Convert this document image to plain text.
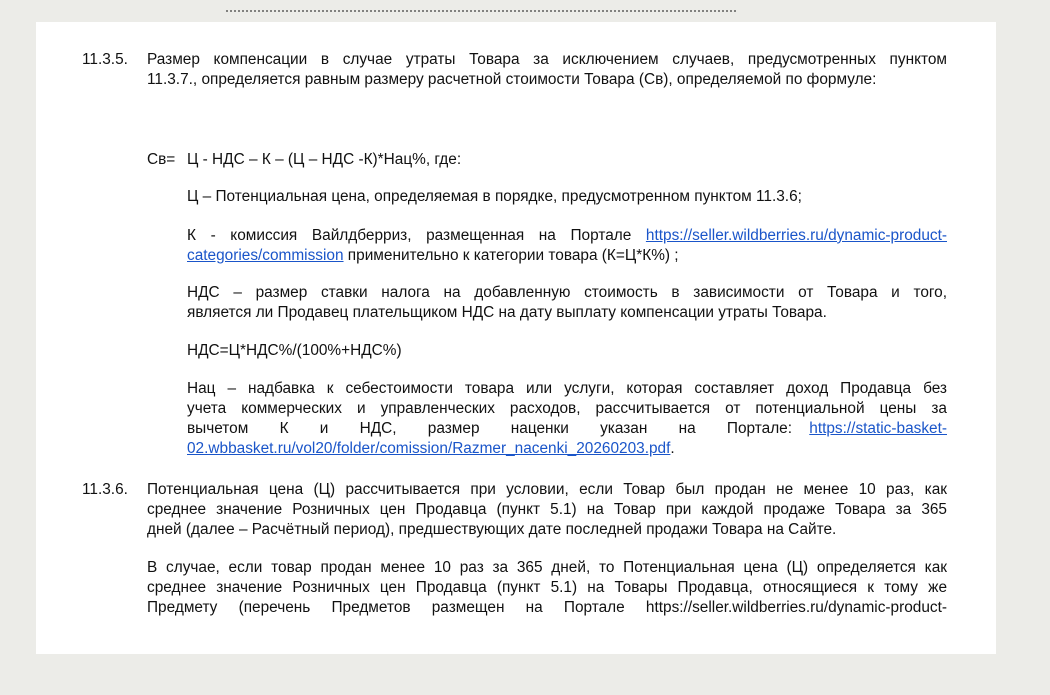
11.3.5. Размер компенсации в случае утраты Товара за исключением случаев, предусмотренных пунктом
11.3.7., определяется равным размеру расчетной стоимости Товара (Св), определяемой по формуле:
Св= Ц - НДС – К – (Ц – НДС -К)*Нац%, где:
Ц – Потенциальная цена, определяемая в порядке, предусмотренном пунктом 11.3.6;
К - комиссия Вайлдберриз, размещенная на Портале https://seller.wildberries.ru/dynamic-product-
categories/commission применительно к категории товара (К=Ц*К%) ;
НДС – размер ставки налога на добавленную стоимость в зависимости от Товара и того,
является ли Продавец плательщиком НДС на дату выплату компенсации утраты Товара.
НДС=Ц*НДС%/(100%+НДС%)
Нац – надбавка к себестоимости товара или услуги, которая составляет доход Продавца без
учета коммерческих и управленческих расходов, рассчитывается от потенциальной цены за
вычетом К и НДС, размер наценки указан на Портале: https://static-basket-
02.wbbasket.ru/vol20/folder/comission/Razmer_nacenki_20260203.pdf.
11.3.6. Потенциальная цена (Ц) рассчитывается при условии, если Товар был продан не менее 10 раз, как
среднее значение Розничных цен Продавца (пункт 5.1) на Товар при каждой продаже Товара за 365
дней (далее – Расчётный период), предшествующих дате последней продажи Товара на Сайте.
В случае, если товар продан менее 10 раз за 365 дней, то Потенциальная цена (Ц) определяется как
среднее значение Розничных цен Продавца (пункт 5.1) на Товары Продавца, относящиеся к тому же
Предмету (перечень Предметов размещен на Портале https://seller.wildberries.ru/dynamic-product-
